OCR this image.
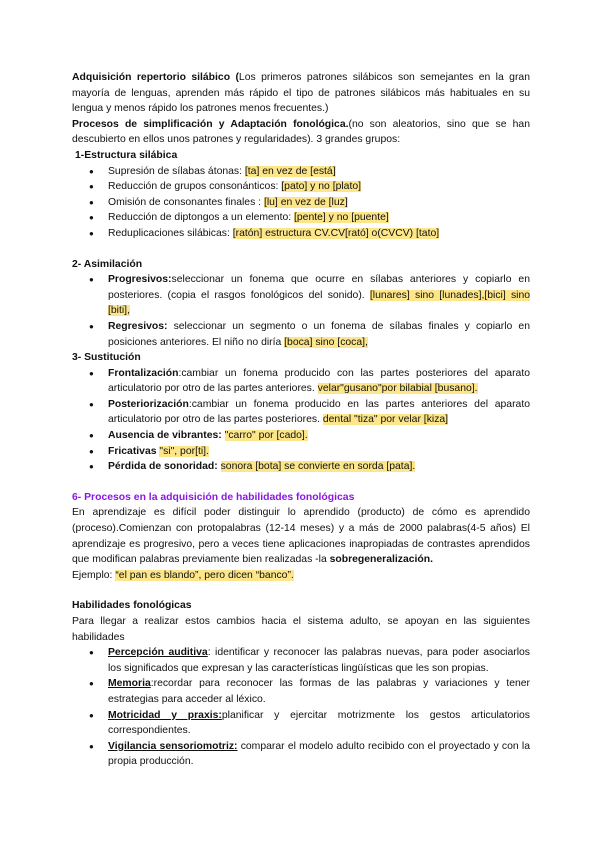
Adquisición repertorio silábico (Los primeros patrones silábicos son semejantes en la gran mayoría de lenguas, aprenden más rápido el tipo de patrones silábicos más habituales en su lengua y menos rápido los patrones menos frecuentes.)

Procesos de simplificación y Adaptación fonológica.(no son aleatorios, sino que se han descubierto en ellos unos patrones y regularidades). 3 grandes grupos:

1-Estructura silábica

● Supresión de sílabas átonas: [ta] en vez de [está]
● Reducción de grupos consonánticos: [pato] y no [plato]
● Omisión de consonantes finales : [lu] en vez de [luz]
● Reducción de diptongos a un elemento: [pente] y no [puente]
● Reduplicaciones silábicas: [ratón] estructura CV.CV[rató] o(CVCV) [tato]

2- Asimilación

● Progresivos:seleccionar un fonema que ocurre en sílabas anteriores y copiarlo en posteriores. (copia el rasgos fonológicos del sonido). [lunares] sino [lunades],[bici] sino [biti],
● Regresivos: seleccionar un segmento o un fonema de sílabas finales y copiarlo en posiciones anteriores. El niño no diría [boca] sino [coca],

3- Sustitución

● Frontalización:cambiar un fonema producido con las partes posteriores del aparato articulatorio por otro de las partes anteriores. velar"gusano"por bilabial [busano].
● Posteriorización:cambiar un fonema producido en las partes anteriores del aparato articulatorio por otro de las partes posteriores. dental "tiza" por velar [kiza]
● Ausencia de vibrantes: "carro" por [cado].
● Fricativas "si", por[ti].
● Pérdida de sonoridad: sonora [bota] se convierte en sorda [pata].

6- Procesos en la adquisición de habilidades fonológicas

En aprendizaje es difícil poder distinguir lo aprendido (producto) de cómo es aprendido (proceso).Comienzan con protopalabras (12-14 meses) y a más de 2000 palabras(4-5 años) El aprendizaje es progresivo, pero a veces tiene aplicaciones inapropiadas de contrastes aprendidos que modifican palabras previamente bien realizadas -la sobregeneralización.

Ejemplo: “el pan es blando”, pero dicen “banco”.

Habilidades fonológicas

Para llegar a realizar estos cambios hacia el sistema adulto, se apoyan en las siguientes habilidades

● Percepción auditiva: identificar y reconocer las palabras nuevas, para poder asociarlos los significados que expresan y las características lingüísticas que les son propias.
● Memoria:recordar para reconocer las formas de las palabras y variaciones y tener estrategias para acceder al léxico.
● Motricidad y praxis:planificar y ejercitar motrizmente los gestos articulatorios correspondientes.
● Vigilancia sensoriomotriz: comparar el modelo adulto recibido con el proyectado y con la propia producción.
